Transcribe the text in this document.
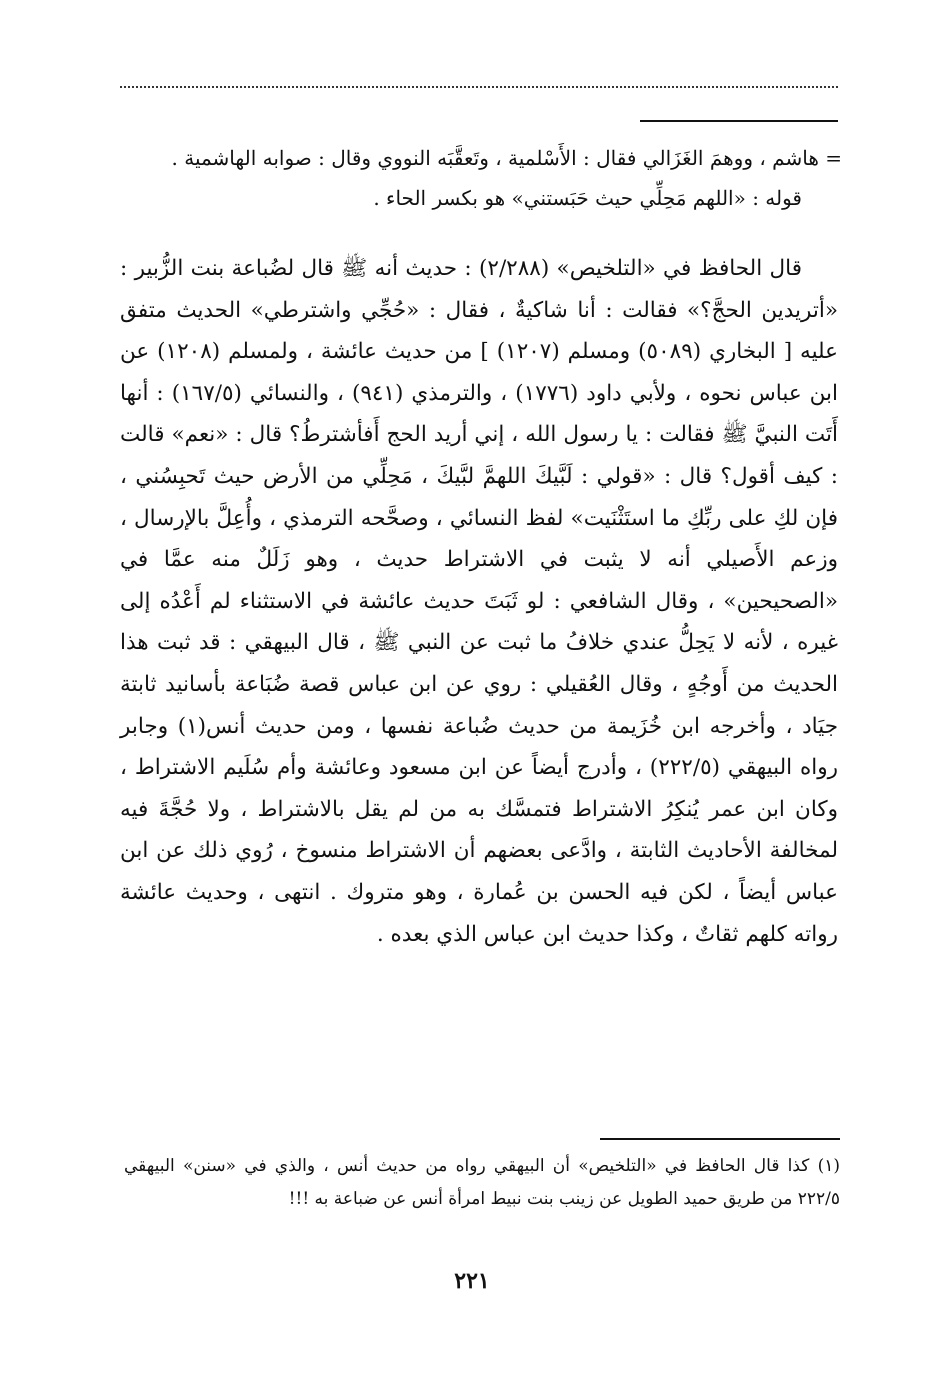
= هاشم ، ووهمَ الغَزَالي فقال : الأَسْلمية ، وتَعقَّبَه النووي وقال : صوابه الهاشمية .

قوله : «اللهم مَحِلِّي حيث حَبَستني» هو بكسر الحاء .

قال الحافظ في «التلخيص» (٢/٢٨٨) : حديث أنه ﷺ قال لضُباعة بنت الزُّبير : «أتريدين الحجَّ؟» فقالت : أنا شاكيةٌ ، فقال : «حُجِّي واشترطي» الحديث متفق عليه [ البخاري (٥٠٨٩) ومسلم (١٢٠٧) ] من حديث عائشة ، ولمسلم (١٢٠٨) عن ابن عباس نحوه ، ولأبي داود (١٧٧٦) ، والترمذي (٩٤١) ، والنسائي (١٦٧/٥) : أنها أَتَت النبيَّ ﷺ فقالت : يا رسول الله ، إني أريد الحج أَفأشترطُ؟ قال : «نعم» قالت : كيف أقول؟ قال : «قولي : لَبَّيكَ اللهمَّ لبَّيكَ ، مَحِلِّي من الأرض حيث تَحبِسُني ، فإن لكِ على ربِّكِ ما استَثْنَيت» لفظ النسائي ، وصحَّحه الترمذي ، وأُعِلَّ بالإرسال ، وزعم الأَصيلي أنه لا يثبت في الاشتراط حديث ، وهو زَلَلٌ منه عمَّا في «الصحيحين» ، وقال الشافعي : لو ثَبَتَ حديث عائشة في الاستثناء لم أَعْدُه إلى غيره ، لأنه لا يَحِلُّ عندي خلافُ ما ثبت عن النبي ﷺ ، قال البيهقي : قد ثبت هذا الحديث من أَوجُهٍ ، وقال العُقيلي : روي عن ابن عباس قصة ضُبَاعة بأسانيد ثابتة جيَاد ، وأخرجه ابن خُزَيمة من حديث ضُباعة نفسها ، ومن حديث أنس(١) وجابر رواه البيهقي (٢٢٢/٥) ، وأدرج أيضاً عن ابن مسعود وعائشة وأم سُلَيم الاشتراط ، وكان ابن عمر يُنكِرُ الاشتراط فتمسَّك به من لم يقل بالاشتراط ، ولا حُجَّةَ فيه لمخالفة الأحاديث الثابتة ، وادَّعى بعضهم أن الاشتراط منسوخ ، رُوي ذلك عن ابن عباس أيضاً ، لكن فيه الحسن بن عُمارة ، وهو متروك . انتهى ، وحديث عائشة رواته كلهم ثقاتٌ ، وكذا حديث ابن عباس الذي بعده .

(١) كذا قال الحافظ في «التلخيص» أن البيهقي رواه من حديث أنس ، والذي في «سنن» البيهقي ٢٢٢/٥ من طريق حميد الطويل عن زينب بنت نبيط امرأة أنس عن ضباعة به !!!

٢٢١
